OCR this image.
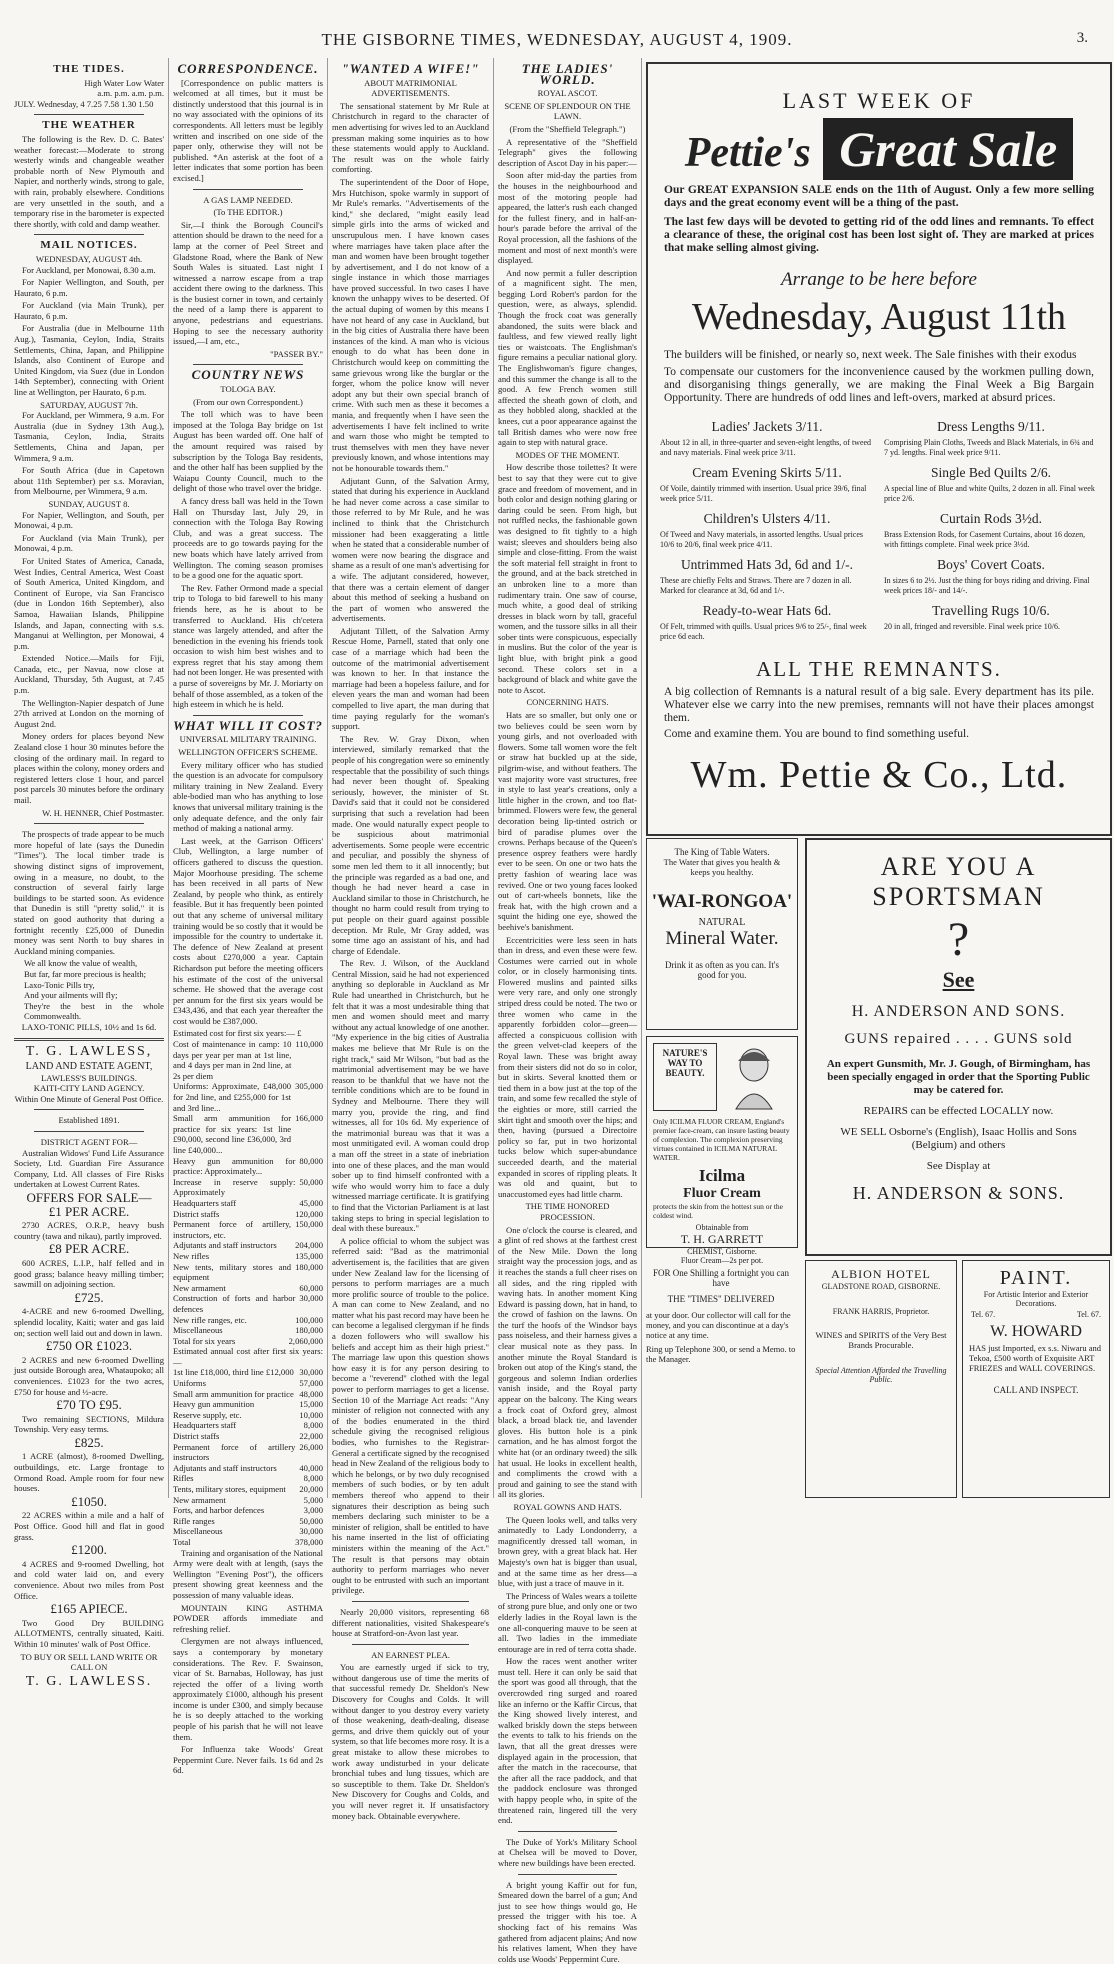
THE GISBORNE TIMES, WEDNESDAY, AUGUST 4, 1909.	3.
THE TIDES.
High Water Low Water
a.m. p.m. a.m. p.m.
JULY. Wednesday, 4 7.25 7.58 1.30 1.50
THE WEATHER

The following is the Rev. D. C. Bates' weather forecast:—Moderate to strong westerly winds and changeable weather probable north of New Plymouth and Napier, and northerly winds, strong to gale, with rain, probably elsewhere. Conditions are very unsettled in the south, and a temporary rise in the barometer is expected there shortly, with cold and damp weather.

MAIL NOTICES.
WEDNESDAY, AUGUST 4th.

For Auckland, per Monowai, 8.30 a.m.

For Napier Wellington, and South, per Haurato, 6 p.m.

For Auckland (via Main Trunk), per Haurato, 6 p.m.

For Australia (due in Melbourne 11th Aug.), Tasmania, Ceylon, India, Straits Settlements, China, Japan, and Philippine Islands, also Continent of Europe and United Kingdom, via Suez (due in London 14th September), connecting with Orient line at Wellington, per Haurato, 6 p.m.

SATURDAY, AUGUST 7th.

For Auckland, per Wimmera, 9 a.m. For Australia (due in Sydney 13th Aug.), Tasmania, Ceylon, India, Straits Settlements, China and Japan, per Wimmera, 9 a.m.

For South Africa (due in Capetown about 11th September) per s.s. Moravian, from Melbourne, per Wimmera, 9 a.m.

SUNDAY, AUGUST 8.

For Napier, Wellington, and South, per Monowai, 4 p.m.

For Auckland (via Main Trunk), per Monowai, 4 p.m.

For United States of America, Canada, West Indies, Central America, West Coast of South America, United Kingdom, and Continent of Europe, via San Francisco (due in London 16th September), also Samoa, Hawaiian Islands, Philippine Islands, and Japan, connecting with s.s. Manganui at Wellington, per Monowai, 4 p.m.

Extended Notice.—Mails for Fiji, Canada, etc., per Navua, now close at Auckland, Thursday, 5th August, at 7.45 p.m.

The Wellington-Napier despatch of June 27th arrived at London on the morning of August 2nd.

Money orders for places beyond New Zealand close 1 hour 30 minutes before the closing of the ordinary mail. In regard to places within the colony, money orders and registered letters close 1 hour, and parcel post parcels 30 minutes before the ordinary mail.

W. H. HENNER, Chief Postmaster.

The prospects of trade appear to be much more hopeful of late (says the Dunedin "Times"). The local timber trade is showing distinct signs of improvement, owing in a measure, no doubt, to the construction of several fairly large buildings to be started soon. As evidence that Dunedin is still "pretty solid," it is stated on good authority that during a fortnight recently £25,000 of Dunedin money was sent North to buy shares in Auckland mining companies.

We all know the value of wealth,
But far, far more precious is health;
Laxo-Tonic Pills try,
And your ailments will fly;
They're the best in the whole Commonwealth.
LAXO-TONIC PILLS, 10½ and 1s 6d.
T. G. LAWLESS,
LAND AND ESTATE AGENT,
LAWLESS'S BUILDINGS.
KAITI-CITY LAND AGENCY.
Within One Minute of General Post Office.
Established 1891.
DISTRICT AGENT FOR—

Australian Widows' Fund Life Assurance Society, Ltd. Guardian Fire Assurance Company, Ltd. All classes of Fire Risks undertaken at Lowest Current Rates.

OFFERS FOR SALE—
£1 PER ACRE.

2730 ACRES, O.R.P., heavy bush country (tawa and nikau), partly improved.

£8 PER ACRE.

600 ACRES, L.I.P., half felled and in good grass; balance heavy milling timber; sawmill on adjoining section.

£725.

4-ACRE and new 6-roomed Dwelling, splendid locality, Kaiti; water and gas laid on; section well laid out and down in lawn.

£750 OR £1023.

2 ACRES and new 6-roomed Dwelling just outside Borough area, Whataupoko; all conveniences. £1023 for the two acres, £750 for house and ½-acre.

£70 TO £95.

Two remaining SECTIONS, Mildura Township. Very easy terms.

£825.

1 ACRE (almost), 8-roomed Dwelling, outbuildings, etc. Large frontage to Ormond Road. Ample room for four new houses.

£1050.

22 ACRES within a mile and a half of Post Office. Good hill and flat in good grass.

£1200.

4 ACRES and 9-roomed Dwelling, hot and cold water laid on, and every convenience. About two miles from Post Office.

£165 APIECE.

Two Good Dry BUILDING ALLOTMENTS, centrally situated, Kaiti. Within 10 minutes' walk of Post Office.

TO BUY OR SELL LAND WRITE OR CALL ON
T. G. LAWLESS.
CORRESPONDENCE.

[Correspondence on public matters is welcomed at all times, but it must be distinctly understood that this journal is in no way associated with the opinions of its correspondents. All letters must be legibly written and inscribed on one side of the paper only, otherwise they will not be published. *An asterisk at the foot of a letter indicates that some portion has been excised.]

A GAS LAMP NEEDED.
(To THE EDITOR.)

Sir,—I think the Borough Council's attention should be drawn to the need for a lamp at the corner of Peel Street and Gladstone Road, where the Bank of New South Wales is situated. Last night I witnessed a narrow escape from a trap accident there owing to the darkness. This is the busiest corner in town, and certainly the need of a lamp there is apparent to anyone, pedestrians and equestrians. Hoping to see the necessary authority issued,—I am, etc.,

"PASSER BY."
COUNTRY NEWS
TOLOGA BAY.
(From our own Correspondent.)

The toll which was to have been imposed at the Tologa Bay bridge on 1st August has been warded off. One half of the amount required was raised by subscription by the Tologa Bay residents, and the other half has been supplied by the Waiapu County Council, much to the delight of those who travel over the bridge.

A fancy dress ball was held in the Town Hall on Thursday last, July 29, in connection with the Tologa Bay Rowing Club, and was a great success. The proceeds are to go towards paying for the new boats which have lately arrived from Wellington. The coming season promises to be a good one for the aquatic sport.

The Rev. Father Ormond made a special trip to Tologa to bid farewell to his many friends here, as he is about to be transferred to Auckland. His ch'cetera stance was largely attended, and after the benediction in the evening his friends took occasion to wish him best wishes and to express regret that his stay among them had not been longer. He was presented with a purse of sovereigns by Mr. J. Moriarty on behalf of those assembled, as a token of the high esteem in which he is held.

WHAT WILL IT COST?
UNIVERSAL MILITARY TRAINING.
WELLINGTON OFFICER'S SCHEME.

Every military officer who has studied the question is an advocate for compulsory military training in New Zealand. Every able-bodied man who has anything to lose knows that universal military training is the only adequate defence, and the only fair method of making a national army.

Last week, at the Garrison Officers' Club, Wellington, a large number of officers gathered to discuss the question. Major Moorhouse presiding. The scheme has been received in all parts of New Zealand, by people who think, as entirely feasible. But it has frequently been pointed out that any scheme of universal military training would be so costly that it would be impossible for the country to undertake it. The defence of New Zealand at present costs about £270,000 a year. Captain Richardson put before the meeting officers his estimate of the cost of the universal scheme. He showed that the average cost per annum for the first six years would be £343,436, and that each year thereafter the cost would be £387,000.

Estimated cost for first six years:— £
Cost of maintenance in camp: 10 days per year per man at 1st line, and 4 days per man in 2nd line, at 2s per diem
110,000
Uniforms: Approximate, £48,000 for 2nd line, and £255,000 for 1st and 3rd line...
305,000
Small arm ammunition for practice for six years: 1st line £90,000, second line £36,000, 3rd line £40,000...
166,000
Heavy gun ammunition for practice: Approximately...
80,000
Increase in reserve supply: Approximately
50,000
Headquarters staff	45,000
District staffs	120,000
Permanent force of artillery, instructors, etc.
150,000
Adjutants and staff instructors	204,000
New rifles	135,000
New tents, military stores and equipment
180,000
New armament	60,000
Construction of forts and harbor defences
30,000
New rifle ranges, etc.	100,000
Miscellaneous	180,000
Total for six years	2,060,000
Estimated annual cost after first six years:—
1st line £18,000, third line £12,000 30,000
Uniforms	57,000
Small arm ammunition for practice 48,000
Heavy gun ammunition	15,000
Reserve supply, etc.	10,000
Headquarters staff	8,000
District staffs	22,000
Permanent force of artillery instructors
26,000
Adjutants and staff instructors	40,000
Rifles	8,000
Tents, military stores, equipment	20,000
New armament	5,000
Forts, and harbor defences	3,000
Rifle ranges	50,000
Miscellaneous	30,000
Total	378,000

Training and organisation of the National Army were dealt with at length, (says the Wellington "Evening Post"), the officers present showing great keenness and the possession of many valuable ideas.

MOUNTAIN KING ASTHMA POWDER affords immediate and refreshing relief.

Clergymen are not always influenced, says a contemporary by monetary considerations. The Rev. F. Swainson, vicar of St. Barnabas, Holloway, has just rejected the offer of a living worth approximately £1000, although his present income is under £300, and simply because he is so deeply attached to the working people of his parish that he will not leave them.

For Influenza take Woods' Great Peppermint Cure. Never fails. 1s 6d and 2s 6d.

"WANTED A WIFE!"
ABOUT MATRIMONIAL ADVERTISEMENTS.

The sensational statement by Mr Rule at Christchurch in regard to the character of men advertising for wives led to an Auckland pressman making some inquiries as to how these statements would apply to Auckland. The result was on the whole fairly comforting.

The superintendent of the Door of Hope, Mrs Hutchison, spoke warmly in support of Mr Rule's remarks. "Advertisements of the kind," she declared, "might easily lead simple girls into the arms of wicked and unscrupulous men. I have known cases where marriages have taken place after the man and women have been brought together by advertisement, and I do not know of a single instance in which those marriages have proved successful. In two cases I have known the unhappy wives to be deserted. Of the actual duping of women by this means I have not heard of any case in Auckland, but in the big cities of Australia there have been instances of the kind. A man who is vicious enough to do what has been done in Christchurch would keep on committing the same grievous wrong like the burglar or the forger, whom the police know will never adopt any but their own special branch of crime. With such men as these it becomes a mania, and frequently when I have seen the advertisements I have felt inclined to write and warn those who might be tempted to trust themselves with men they have never previously known, and whose intentions may not be honourable towards them."

Adjutant Gunn, of the Salvation Army, stated that during his experience in Auckland he had never come across a case similar to those referred to by Mr Rule, and he was inclined to think that the Christchurch missioner had been exaggerating a little when he stated that a considerable number of women were now bearing the disgrace and shame as a result of one man's advertising for a wife. The adjutant considered, however, that there was a certain element of danger about this method of seeking a husband on the part of women who answered the advertisements.

Adjutant Tillett, of the Salvation Army Rescue Home, Parnell, stated that only one case of a marriage which had been the outcome of the matrimonial advertisement was known to her. In that instance the marriage had been a hopeless failure, and for eleven years the man and woman had been compelled to live apart, the man during that time paying regularly for the woman's support.

The Rev. W. Gray Dixon, when interviewed, similarly remarked that the people of his congregation were so eminently respectable that the possibility of such things had never been thought of. Speaking seriously, however, the minister of St. David's said that it could not be considered surprising that such a revelation had been made. One would naturally expect people to be suspicious about matrimonial advertisements. Some people were eccentric and peculiar, and possibly the shyness of some men led them to it all innocently; but the principle was regarded as a bad one, and though he had never heard a case in Auckland similar to those in Christchurch, he thought no harm could result from trying to put people on their guard against possible deception. Mr Rule, Mr Gray added, was some time ago an assistant of his, and had charge of Edendale.

The Rev. J. Wilson, of the Auckland Central Mission, said he had not experienced anything so deplorable in Auckland as Mr Rule had unearthed in Christchurch, but he felt that it was a most undesirable thing that men and women should meet and marry without any actual knowledge of one another. "My experience in the big cities of Australia makes me believe that Mr Rule is on the right track," said Mr Wilson, "but bad as the matrimonial advertisement may be we have reason to be thankful that we have not the terrible conditions which are to be found in Sydney and Melbourne. There they will marry you, provide the ring, and find witnesses, all for 10s 6d. My experience of the matrimonial bureau was that it was a most unmitigated evil. A woman could drop a man off the street in a state of inebriation into one of these places, and the man would sober up to find himself confronted with a wife who would worry him to face a duly witnessed marriage certificate. It is gratifying to find that the Victorian Parliament is at last taking steps to bring in special legislation to deal with these bureaux."

A police official to whom the subject was referred said: "Bad as the matrimonial advertisement is, the facilities that are given under New Zealand law for the licensing of persons to perform marriages are a much more prolific source of trouble to the police. A man can come to New Zealand, and no matter what his past record may have been he can become a legalised clergyman if he finds a dozen followers who will swallow his beliefs and accept him as their high priest." The marriage law upon this question shows how easy it is for any person desiring to become a "reverend" clothed with the legal power to perform marriages to get a license. Section 10 of the Marriage Act reads: "Any minister of religion not connected with any of the bodies enumerated in the third schedule giving the recognised religious bodies, who furnishes to the Registrar-General a certificate signed by the recognised head in New Zealand of the religious body to which he belongs, or by two duly recognised members of such bodies, or by ten adult members thereof who append to their signatures their description as being such members declaring such minister to be a minister of religion, shall be entitled to have his name inserted in the list of officiating ministers within the meaning of the Act." The result is that persons may obtain authority to perform marriages who never ought to be entrusted with such an important privilege.

Nearly 20,000 visitors, representing 68 different nationalities, visited Shakespeare's house at Stratford-on-Avon last year.

AN EARNEST PLEA.

You are earnestly urged if sick to try, without dangerous use of time the merits of that successful remedy Dr. Sheldon's New Discovery for Coughs and Colds. It will without danger to you destroy every variety of those weakening, death-dealing, disease germs, and drive them quickly out of your system, so that life becomes more rosy. It is a great mistake to allow these microbes to work away undisturbed in your delicate bronchial tubes and lung tissues, which are so susceptible to them. Take Dr. Sheldon's New Discovery for Coughs and Colds, and you will never regret it. If unsatisfactory money back. Obtainable everywhere.

THE LADIES' WORLD.
ROYAL ASCOT.
SCENE OF SPLENDOUR ON THE LAWN.
(From the "Sheffield Telegraph.")

A representative of the "Sheffield Telegraph" gives the following description of Ascot Day in his paper:—

Soon after mid-day the parties from the houses in the neighbourhood and most of the motoring people had appeared, the latter's rush each changed for the fullest finery, and in half-an-hour's parade before the arrival of the Royal procession, all the fashions of the moment and most of next month's were displayed.

And now permit a fuller description of a magnificent sight. The men, begging Lord Robert's pardon for the question, were, as always, splendid. Though the frock coat was generally abandoned, the suits were black and faultless, and few viewed really light ties or waistcoats. The Englishman's figure remains a peculiar national glory. The Englishwoman's figure changes, and this summer the change is all to the good. A few French women still affected the sheath gown of cloth, and as they hobbled along, shackled at the knees, cut a poor appearance against the tall British dames who were now free again to step with natural grace.

MODES OF THE MOMENT.

How describe those toilettes? It were best to say that they were cut to give grace and freedom of movement, and in both color and design nothing glaring or daring could be seen. From high, but not ruffled necks, the fashionable gown was designed to fit tightly to a high waist; sleeves and shoulders being also simple and close-fitting. From the waist the soft material fell straight in front to the ground, and at the back stretched in an unbroken line to a more than rudimentary train. One saw of course, much white, a good deal of striking dresses in black worn by tall, graceful women, and the tussore silks in all their sober tints were conspicuous, especially in muslins. But the color of the year is light blue, with bright pink a good second. These colors set in a background of black and white gave the note to Ascot.

CONCERNING HATS.

Hats are so smaller, but only one or two believes could be seen worn by young girls, and not overloaded with flowers. Some tall women wore the felt or straw hat buckled up at the side, pilgrim-wise, and without feathers. The vast majority wore vast structures, free in style to last year's creations, only a little higher in the crown, and too flat-brimmed. Flowers were few, the general decoration being lip-tinted ostrich or bird of paradise plumes over the crowns. Perhaps because of the Queen's presence osprey feathers were hardly ever to be seen. On one or two hats the pretty fashion of wearing lace was revived. One or two young faces looked out of cart-wheels bonnets, like the freak hat, with the high crown and a squint the hiding one eye, showed the beehive's banishment.

Eccentricities were less seen in hats than in dress, and even these were few. Costumes were carried out in whole color, or in closely harmonising tints. Flowered muslins and painted silks were very rare, and only one strongly striped dress could be noted. The two or three women who came in the apparently forbidden color—green—affected a conspicuous collision with the green velvet-clad keepers of the Royal lawn. These was bright away from their sisters did not do so in color, but in skirts. Several knotted them or tied them in a bow just at the top of the train, and some few recalled the style of the eighties or more, still carried the skirt tight and smooth over the hips; and then, having (pursued a Directoire policy so far, put in two horizontal tucks below which super-abundance succeeded dearth, and the material expanded in scores of rippling pleats. It was old and quaint, but to unaccustomed eyes had little charm.

THE TIME HONORED PROCESSION.

One o'clock the course is cleared, and a glint of red shows at the farthest crest of the New Mile. Down the long straight way the procession jogs, and as it reaches the stands a full cheer rises on all sides, and the ring rippled with waving hats. In another moment King Edward is passing down, hat in hand, to the crowd of fashion on the lawns. On the turf the hoofs of the Windsor bays pass noiseless, and their harness gives a clear musical note as they pass. In another minute the Royal Standard is broken out atop of the King's stand, the gorgeous and solemn Indian orderlies vanish inside, and the Royal party appear on the balcony. The King wears a frock coat of Oxford grey, almost black, a broad black tie, and lavender gloves. His button hole is a pink carnation, and he has almost forgot the white hat (or an ordinary tweed) the silk hat usual. He looks in excellent health, and compliments the crowd with a proud and gaining to see the stand with all its glories.

ROYAL GOWNS AND HATS.

The Queen looks well, and talks very animatedly to Lady Londonderry, a magnificently dressed tall woman, in brown grey, with a great black hat. Her Majesty's own hat is bigger than usual, and at the same time as her dress—a blue, with just a trace of mauve in it.

The Princess of Wales wears a toilette of strong pure blue, and only one or two elderly ladies in the Royal lawn is the one all-conquering mauve to be seen at all. Two ladies in the immediate entourage are in red of terra cotta shade.

How the races went another writer must tell. Here it can only be said that the sport was good all through, that the overcrowded ring surged and roared like an inferno or the Kaffir Circus, that the King showed lively interest, and walked briskly down the steps between the events to talk to his friends on the lawn, that all the great dresses were displayed again in the procession, that after the match in the racecourse, that the after all the race paddock, and that the paddock enclosure was thronged with happy people who, in spite of the threatened rain, lingered till the very end.

The Duke of York's Military School at Chelsea will be moved to Dover, where new buildings have been erected.

A bright young Kaffir out for fun, Smeared down the barrel of a gun; And just to see how things would go, He pressed the trigger with his toe. A shocking fact of his remains Was gathered from adjacent plains; And now his relatives lament, When they have colds use Woods' Peppermint Cure.

LAST WEEK OF
Pettie's Great Sale
Our GREAT EXPANSION SALE ends on the 11th of August. Only a few more selling days and the great economy event will be a thing of the past.
The last few days will be devoted to getting rid of the odd lines and remnants. To effect a clearance of these, the original cost has been lost sight of. They are marked at prices that make selling almost giving.
Arrange to be here before
Wednesday, August 11th
The builders will be finished, or nearly so, next week. The Sale finishes with their exodus
To compensate our customers for the inconvenience caused by the workmen pulling down, and disorganising things generally, we are making the Final Week a Big Bargain Opportunity. There are hundreds of odd lines and left-overs, marked at absurd prices.
Ladies' Jackets 3/11.
About 12 in all, in three-quarter and seven-eight lengths, of tweed and navy materials. Final week price 3/11.
Cream Evening Skirts 5/11.
Of Voile, daintily trimmed with insertion. Usual price 39/6, final week price 5/11.
Children's Ulsters 4/11.
Of Tweed and Navy materials, in assorted lengths. Usual prices 10/6 to 20/6, final week price 4/11.
Untrimmed Hats 3d, 6d and 1/-.
These are chiefly Felts and Straws. There are 7 dozen in all. Marked for clearance at 3d, 6d and 1/-.
Ready-to-wear Hats 6d.
Of Felt, trimmed with quills. Usual prices 9/6 to 25/-, final week price 6d each.
Dress Lengths 9/11.
Comprising Plain Cloths, Tweeds and Black Materials, in 6¾ and 7 yd. lengths. Final week price 9/11.
Single Bed Quilts 2/6.
A special line of Blue and white Quilts, 2 dozen in all. Final week price 2/6.
Curtain Rods 3½d.
Brass Extension Rods, for Casement Curtains, about 16 dozen, with fittings complete. Final week price 3½d.
Boys' Covert Coats.
In sizes 6 to 2½. Just the thing for boys riding and driving. Final week prices 18/- and 14/-.
Travelling Rugs 10/6.
20 in all, fringed and reversible. Final week price 10/6.
ALL THE REMNANTS.
A big collection of Remnants is a natural result of a big sale. Every department has its pile. Whatever else we carry into the new premises, remnants will not have their places amongst them.
Come and examine them. You are bound to find something useful.
Wm. Pettie & Co., Ltd.
The King of Table Waters.
The Water that gives you health & keeps you healthy.
'WAI-RONGOA'
NATURAL
Mineral Water.
Drink it as often as you can. It's good for you.
NATURE'S
WAY TO
BEAUTY.
Only ICILMA FLUOR CREAM, England's premier face-cream, can insure lasting beauty of complexion. The complexion preserving virtues contained in ICILMA NATURAL WATER.
Icilma
Fluor Cream
protects the skin from the hottest sun or the coldest wind.
Obtainable from
T. H. GARRETT
CHEMIST, Gisborne.
Fluor Cream—2s per pot.
ARE YOU A SPORTSMAN
?
See
H. ANDERSON AND SONS.
GUNS repaired . . . . GUNS sold
An expert Gunsmith, Mr. J. Gough, of Birmingham, has been specially engaged in order that the Sporting Public may be catered for.
REPAIRS can be effected LOCALLY now.
WE SELL Osborne's (English), Isaac Hollis and Sons (Belgium) and others
See Display at
H. ANDERSON & SONS.
FOR One Shilling a fortnight you can have
THE "TIMES" DELIVERED
at your door. Our collector will call for the money, and you can discontinue at a day's notice at any time.
Ring up Telephone 300, or send a Memo. to the Manager.
ALBION HOTEL
GLADSTONE ROAD, GISBORNE.
FRANK HARRIS, Proprietor.
WINES and SPIRITS of the Very Best Brands Procurable.
Special Attention Afforded the Travelling Public.
PAINT.
For Artistic Interior and Exterior Decorations.
Tel. 67.	Tel. 67.
W. HOWARD
HAS just Imported, ex s.s. Niwaru and Tekoa, £500 worth of Exquisite ART FRIEZES and WALL COVERINGS.
CALL AND INSPECT.
